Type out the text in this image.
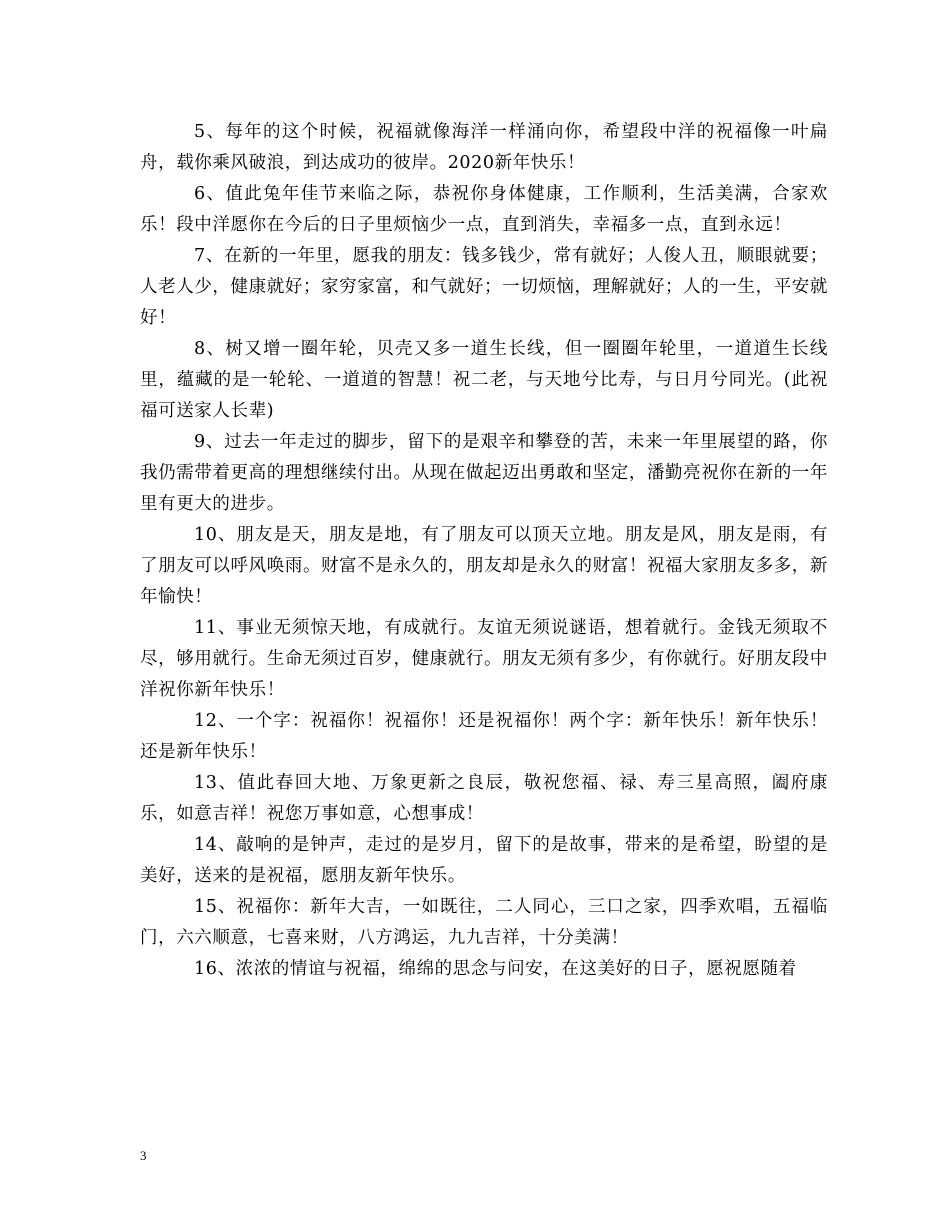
5、每年的这个时候，祝福就像海洋一样涌向你，希望段中洋的祝福像一叶扁舟，载你乘风破浪，到达成功的彼岸。2020新年快乐！

6、值此兔年佳节来临之际，恭祝你身体健康，工作顺利，生活美满，合家欢乐！段中洋愿你在今后的日子里烦恼少一点，直到消失，幸福多一点，直到永远！

7、在新的一年里，愿我的朋友：钱多钱少，常有就好；人俊人丑，顺眼就要；人老人少，健康就好；家穷家富，和气就好；一切烦恼，理解就好；人的一生，平安就好！

8、树又增一圈年轮，贝壳又多一道生长线，但一圈圈年轮里，一道道生长线里，蕴藏的是一轮轮、一道道的智慧！祝二老，与天地兮比寿，与日月兮同光。(此祝福可送家人长辈)

9、过去一年走过的脚步，留下的是艰辛和攀登的苦，未来一年里展望的路，你我仍需带着更高的理想继续付出。从现在做起迈出勇敢和坚定，潘勤亮祝你在新的一年里有更大的进步。

10、朋友是天，朋友是地，有了朋友可以顶天立地。朋友是风，朋友是雨，有了朋友可以呼风唤雨。财富不是永久的，朋友却是永久的财富！祝福大家朋友多多，新年愉快！

11、事业无须惊天地，有成就行。友谊无须说谜语，想着就行。金钱无须取不尽，够用就行。生命无须过百岁，健康就行。朋友无须有多少，有你就行。好朋友段中洋祝你新年快乐！

12、一个字：祝福你！祝福你！还是祝福你！两个字：新年快乐！新年快乐！还是新年快乐！

13、值此春回大地、万象更新之良辰，敬祝您福、禄、寿三星高照，阖府康乐，如意吉祥！祝您万事如意，心想事成！

14、敲响的是钟声，走过的是岁月，留下的是故事，带来的是希望，盼望的是美好，送来的是祝福，愿朋友新年快乐。

15、祝福你：新年大吉，一如既往，二人同心，三口之家，四季欢唱，五福临门，六六顺意，七喜来财，八方鸿运，九九吉祥，十分美满！

16、浓浓的情谊与祝福，绵绵的思念与问安，在这美好的日子，愿祝愿随着

3
